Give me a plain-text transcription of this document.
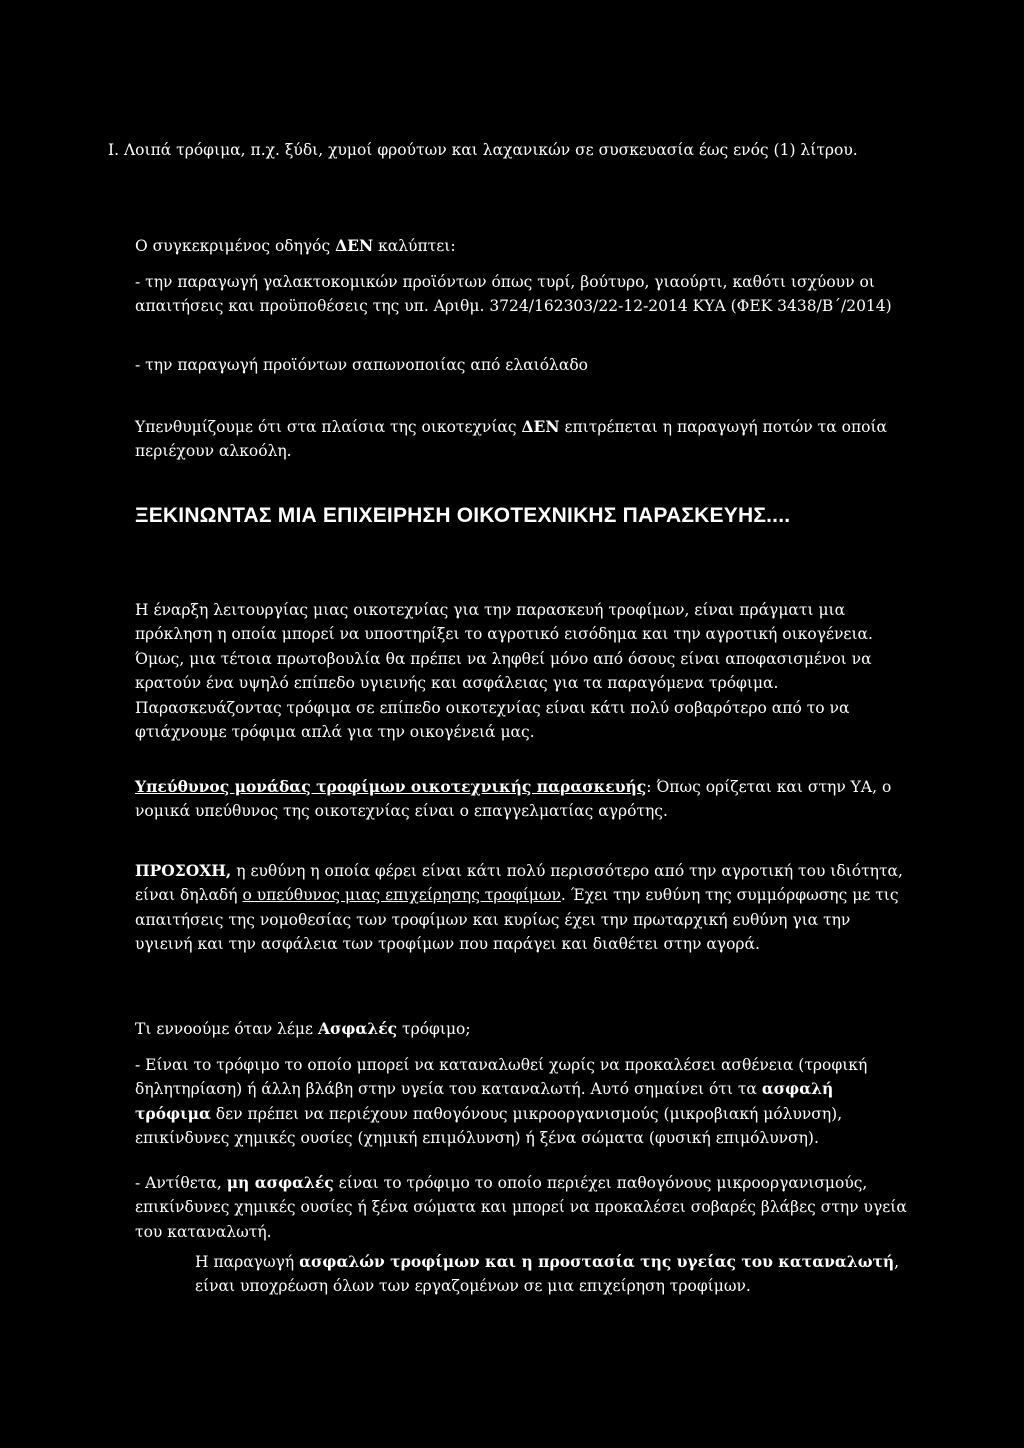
I. Λοιπά τρόφιμα, π.χ. ξύδι, χυμοί φρούτων και λαχανικών σε συσκευασία έως ενός (1) λίτρου.

Ο συγκεκριμένος οδηγός ΔΕΝ καλύπτει:

- την παραγωγή γαλακτοκομικών προϊόντων όπως τυρί, βούτυρο, γιαούρτι, καθότι ισχύουν οι απαιτήσεις και προϋποθέσεις της υπ. Αριθμ. 3724/162303/22-12-2014 ΚΥΑ (ΦΕΚ 3438/Β΄/2014)

- την παραγωγή προϊόντων σαπωνοποιίας από ελαιόλαδο

Υπενθυμίζουμε ότι στα πλαίσια της οικοτεχνίας ΔΕΝ επιτρέπεται η παραγωγή ποτών τα οποία περιέχουν αλκοόλη.

ΞΕΚΙΝΩΝΤΑΣ ΜΙΑ ΕΠΙΧΕΙΡΗΣΗ ΟΙΚΟΤΕΧΝΙΚΗΣ ΠΑΡΑΣΚΕΥΗΣ....

Η έναρξη λειτουργίας μιας οικοτεχνίας για την παρασκευή τροφίμων, είναι πράγματι μια πρόκληση η οποία μπορεί να υποστηρίξει το αγροτικό εισόδημα και την αγροτική οικογένεια. Όμως, μια τέτοια πρωτοβουλία θα πρέπει να ληφθεί μόνο από όσους είναι αποφασισμένοι να κρατούν ένα υψηλό επίπεδο υγιεινής και ασφάλειας για τα παραγόμενα τρόφιμα. Παρασκευάζοντας τρόφιμα σε επίπεδο οικοτεχνίας είναι κάτι πολύ σοβαρότερο από το να φτιάχνουμε τρόφιμα απλά για την οικογένειά μας.

Υπεύθυνος μονάδας τροφίμων οικοτεχνικής παρασκευής: Όπως ορίζεται και στην ΥΑ, ο νομικά υπεύθυνος της οικοτεχνίας είναι ο επαγγελματίας αγρότης.

ΠΡΟΣΟΧΗ, η ευθύνη η οποία φέρει είναι κάτι πολύ περισσότερο από την αγροτική του ιδιότητα, είναι δηλαδή ο υπεύθυνος μιας επιχείρησης τροφίμων. Έχει την ευθύνη της συμμόρφωσης με τις απαιτήσεις της νομοθεσίας των τροφίμων και κυρίως έχει την πρωταρχική ευθύνη για την υγιεινή και την ασφάλεια των τροφίμων που παράγει και διαθέτει στην αγορά.

Τι εννοούμε όταν λέμε Ασφαλές τρόφιμο;

- Είναι το τρόφιμο το οποίο μπορεί να καταναλωθεί χωρίς να προκαλέσει ασθένεια (τροφική δηλητηρίαση) ή άλλη βλάβη στην υγεία του καταναλωτή. Αυτό σημαίνει ότι τα ασφαλή τρόφιμα δεν πρέπει να περιέχουν παθογόνους μικροοργανισμούς (μικροβιακή μόλυνση), επικίνδυνες χημικές ουσίες (χημική επιμόλυνση) ή ξένα σώματα (φυσική επιμόλυνση).

- Αντίθετα, μη ασφαλές είναι το τρόφιμο το οποίο περιέχει παθογόνους μικροοργανισμούς, επικίνδυνες χημικές ουσίες ή ξένα σώματα και μπορεί να προκαλέσει σοβαρές βλάβες στην υγεία του καταναλωτή.

Η παραγωγή ασφαλών τροφίμων και η προστασία της υγείας του καταναλωτή, είναι υποχρέωση όλων των εργαζομένων σε μια επιχείρηση τροφίμων.
